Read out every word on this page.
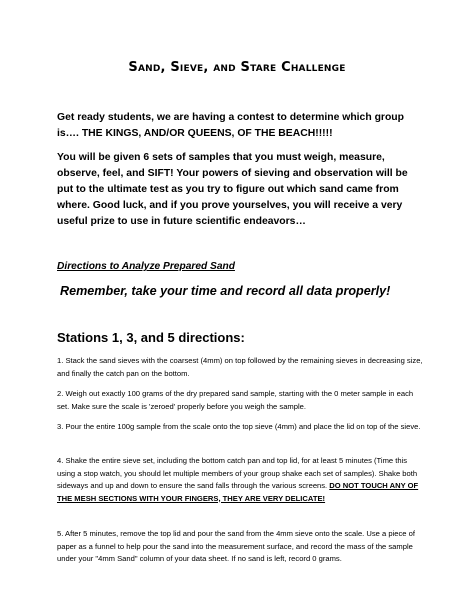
Sand, Sieve, and Stare Challenge
Get ready students, we are having a contest to determine which group is…. THE KINGS, AND/OR QUEENS, OF THE BEACH!!!!!
You will be given 6 sets of samples that you must weigh, measure, observe, feel, and SIFT! Your powers of sieving and observation will be put to the ultimate test as you try to figure out which sand came from where. Good luck, and if you prove yourselves, you will receive a very useful prize to use in future scientific endeavors…
Directions to Analyze Prepared Sand
Remember, take your time and record all data properly!
Stations 1, 3, and 5 directions:
1. Stack the sand sieves with the coarsest (4mm) on top followed by the remaining sieves in decreasing size, and finally the catch pan on the bottom.
2. Weigh out exactly 100 grams of the dry prepared sand sample, starting with the 0 meter sample in each set. Make sure the scale is 'zeroed' properly before you weigh the sample.
3. Pour the entire 100g sample from the scale onto the top sieve (4mm) and place the lid on top of the sieve.
4. Shake the entire sieve set, including the bottom catch pan and top lid, for at least 5 minutes (Time this using a stop watch, you should let multiple members of your group shake each set of samples). Shake both sideways and up and down to ensure the sand falls through the various screens. DO NOT TOUCH ANY OF THE MESH SECTIONS WITH YOUR FINGERS, THEY ARE VERY DELICATE!
5. After 5 minutes, remove the top lid and pour the sand from the 4mm sieve onto the scale. Use a piece of paper as a funnel to help pour the sand into the measurement surface, and record the mass of the sample under your "4mm Sand" column of your data sheet. If no sand is left, record 0 grams.
